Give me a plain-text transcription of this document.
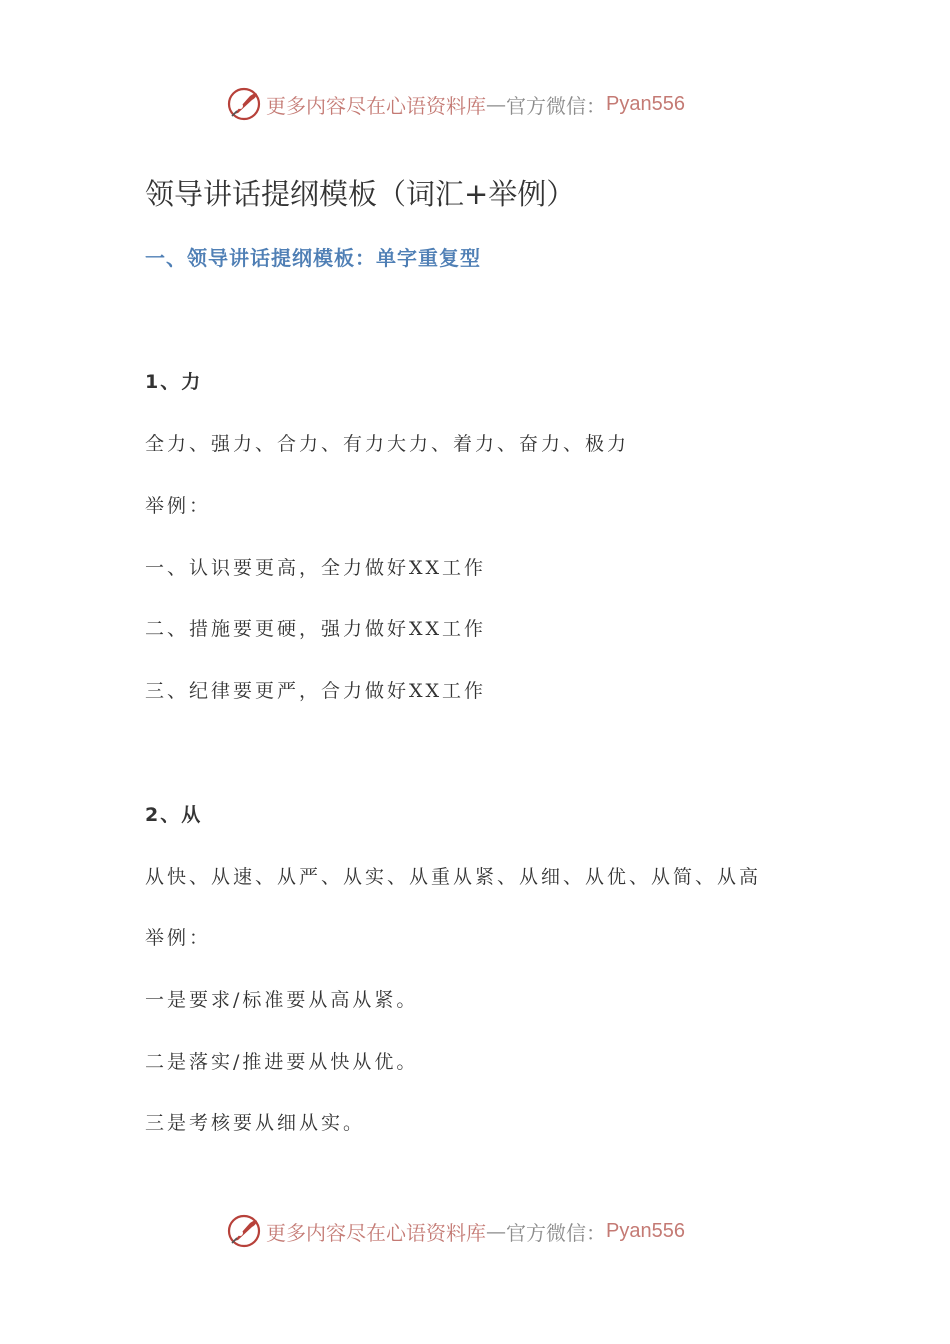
更多内容尽在心语资料库 — 官方微信： Pyan556
领导讲话提纲模板（词汇+举例）
一、领导讲话提纲模板：单字重复型
1、力
全力、强力、合力、有力大力、着力、奋力、极力
举例：
一、认识要更高，全力做好XX工作
二、措施要更硬，强力做好XX工作
三、纪律要更严，合力做好XX工作
2、从
从快、从速、从严、从实、从重从紧、从细、从优、从简、从高
举例：
一是要求/标准要从高从紧。
二是落实/推进要从快从优。
三是考核要从细从实。
更多内容尽在心语资料库 — 官方微信： Pyan556
